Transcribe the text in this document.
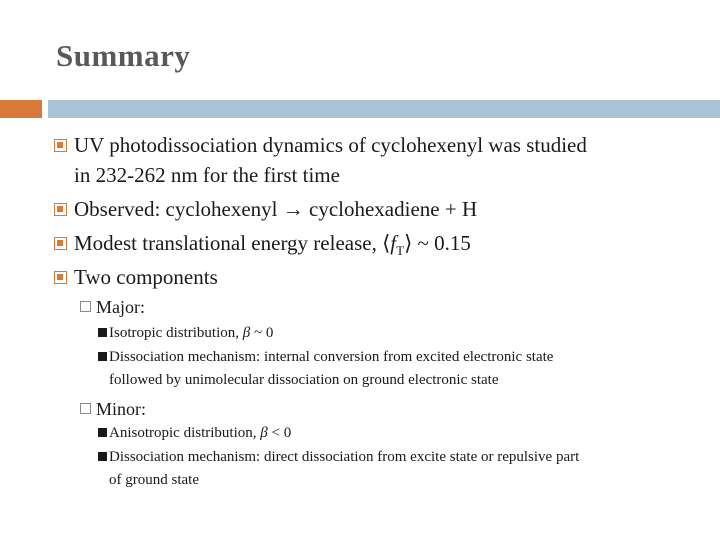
Summary
UV photodissociation dynamics of cyclohexenyl was studied
in 232-262 nm for the first time
Observed: cyclohexenyl → cyclohexadiene + H
Modest translational energy release, $⟨f_T⟩$ ~ 0.15
Two components
Major:
Isotropic distribution, β ~ 0
Dissociation mechanism: internal conversion from excited electronic state
followed by unimolecular dissociation on ground electronic state
Minor:
Anisotropic distribution, β < 0
Dissociation mechanism: direct dissociation from excite state or repulsive part
of ground state
